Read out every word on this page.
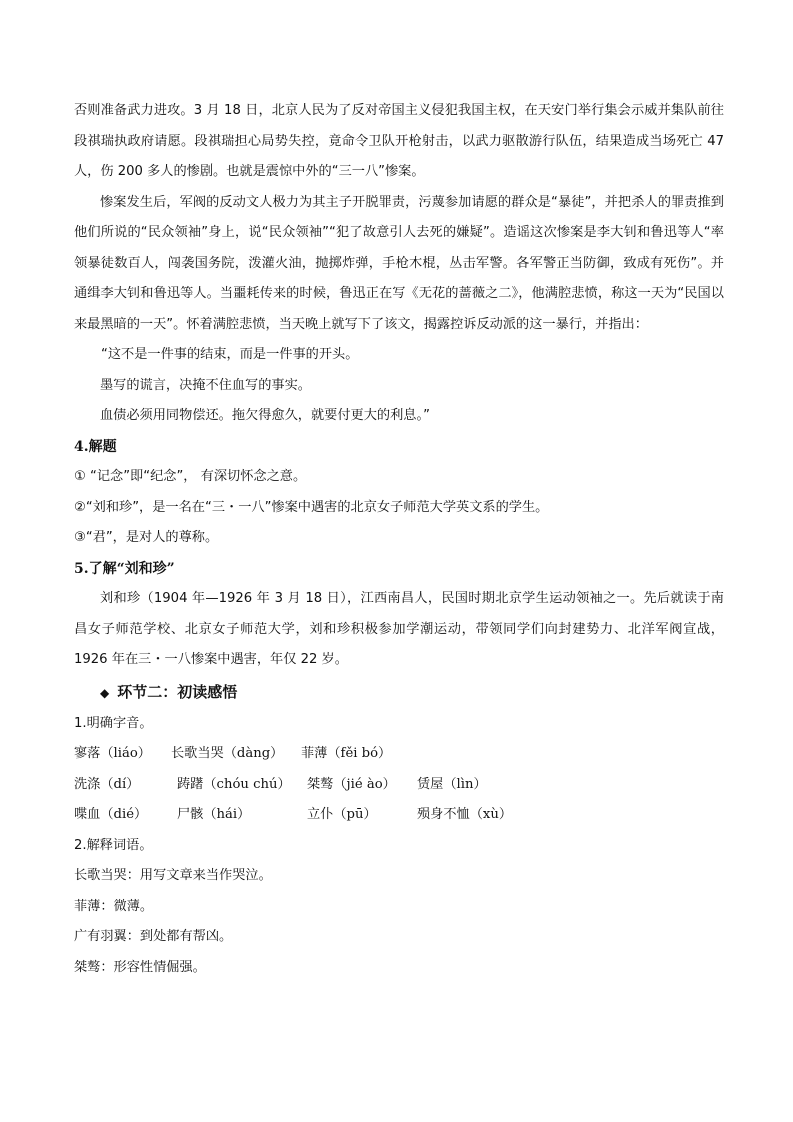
否则准备武力进攻。3 月 18 日，北京人民为了反对帝国主义侵犯我国主权，在天安门举行集会示威并集队前往段祺瑞执政府请愿。段祺瑞担心局势失控，竟命令卫队开枪射击，以武力驱散游行队伍，结果造成当场死亡 47 人，伤 200 多人的惨剧。也就是震惊中外的“三一八”惨案。

惨案发生后，军阀的反动文人极力为其主子开脱罪责，污蔑参加请愿的群众是“暴徒”，并把杀人的罪责推到他们所说的“民众领袖”身上，说“民众领袖”“犯了故意引人去死的嫌疑”。造谣这次惨案是李大钊和鲁迅等人“率领暴徒数百人，闯袭国务院，泼灌火油，抛掷炸弹，手枪木棍，丛击军警。各军警正当防御，致成有死伤”。并通缉李大钊和鲁迅等人。当噩耗传来的时候，鲁迅正在写《无花的蔷薇之二》，他满腔悲愤，称这一天为“民国以来最黑暗的一天”。怀着满腔悲愤，当天晚上就写下了该文，揭露控诉反动派的这一暴行，并指出：

“这不是一件事的结束，而是一件事的开头。

墨写的谎言，决掩不住血写的事实。

血债必须用同物偿还。拖欠得愈久，就要付更大的利息。”

4.解题

① “记念”即“纪念”， 有深切怀念之意。

②“刘和珍”，是一名在“三・一八”惨案中遇害的北京女子师范大学英文系的学生。

③“君”，是对人的尊称。

5.了解“刘和珍”

刘和珍（1904 年—1926 年 3 月 18 日），江西南昌人，民国时期北京学生运动领袖之一。先后就读于南昌女子师范学校、北京女子师范大学，刘和珍积极参加学潮运动，带领同学们向封建势力、北洋军阀宣战，1926 年在三・一八惨案中遇害，年仅 22 岁。

◆ 环节二：初读感悟

1.明确字音。

寥落（liáo） 长歌当哭（dàng） 菲薄（fěi bó）

洗涤（dí）	踌躇（chóu chú） 桀骜（jié ào） 赁屋（lìn）

喋血（dié） 尸骸（hái）	立仆（pū）	殒身不恤（xù）

2.解释词语。

长歌当哭：用写文章来当作哭泣。

菲薄：微薄。

广有羽翼：到处都有帮凶。

桀骜：形容性情倔强。
